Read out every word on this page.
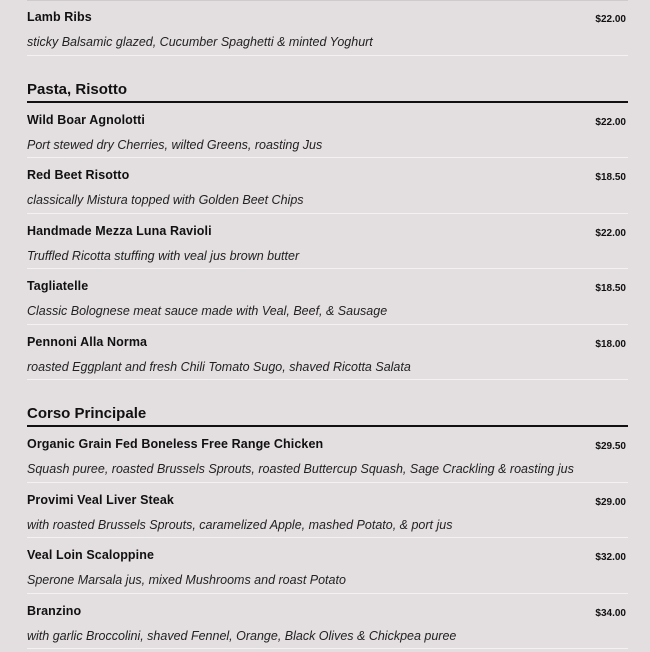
Lamb Ribs	$22.00
sticky Balsamic glazed, Cucumber Spaghetti & minted Yoghurt
Pasta, Risotto
Wild Boar Agnolotti	$22.00
Port stewed dry Cherries, wilted Greens, roasting Jus
Red Beet Risotto	$18.50
classically Mistura topped with Golden Beet Chips
Handmade Mezza Luna Ravioli	$22.00
Truffled Ricotta stuffing with veal jus brown butter
Tagliatelle	$18.50
Classic Bolognese meat sauce made with Veal, Beef, & Sausage
Pennoni Alla Norma	$18.00
roasted Eggplant and fresh Chili Tomato Sugo, shaved Ricotta Salata
Corso Principale
Organic Grain Fed Boneless Free Range Chicken	$29.50
Squash puree, roasted Brussels Sprouts, roasted Buttercup Squash, Sage Crackling & roasting jus
Provimi Veal Liver Steak	$29.00
with roasted Brussels Sprouts, caramelized Apple, mashed Potato, & port jus
Veal Loin Scaloppine	$32.00
Sperone Marsala jus, mixed Mushrooms and roast Potato
Branzino	$34.00
with garlic Broccolini, shaved Fennel, Orange, Black Olives & Chickpea puree
